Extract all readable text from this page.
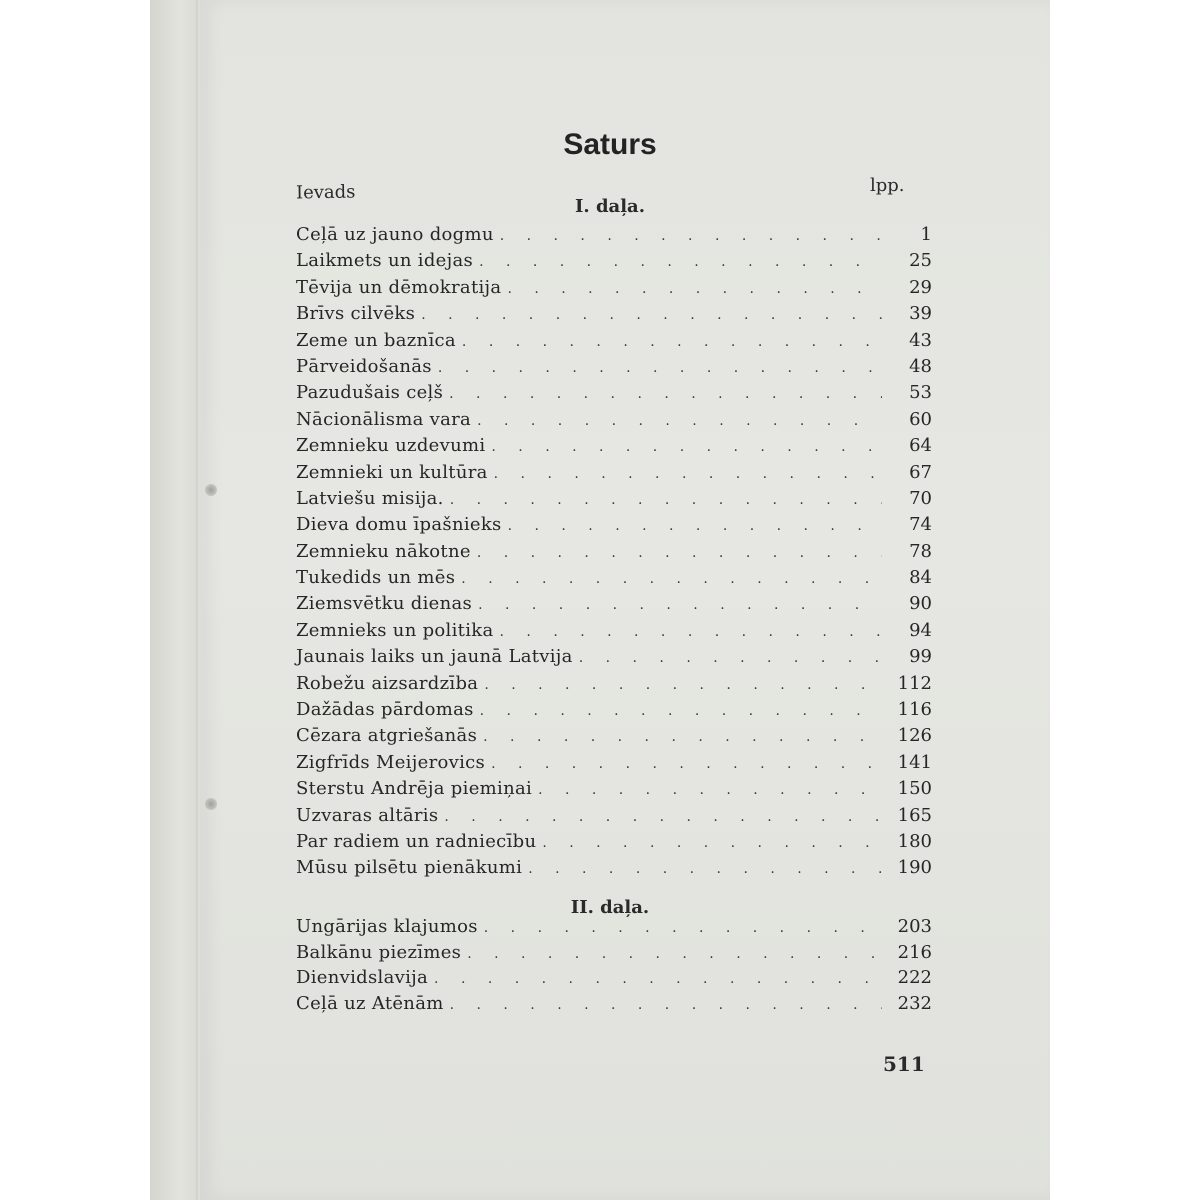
Saturs
Ievads	lpp.
I. daļa.
Ceļā uz jauno dogmu . . .	1
Laikmets un idejas . . .	25
Tēvija un dēmokratija . . .	29
Brīvs cilvēks . . .	39
Zeme un baznīca . . .	43
Pārveidošanās . . .	48
Pazudušais ceļš . . .	53
Nācionālisma vara . . .	60
Zemnieku uzdevumi . . .	64
Zemnieki un kultūra . . .	67
Latviešu misija. . . .	70
Dieva domu īpašnieks . . .	74
Zemnieku nākotne . . .	78
Tukedids un mēs . . .	84
Ziemsvētku dienas . . .	90
Zemnieks un politika . . .	94
Jaunais laiks un jaunā Latvija . . .	99
Robežu aizsardzība . . .	112
Dažādas pārdomas . . .	116
Cēzara atgriešanās . . .	126
Zigfrīds Meijerovics . . .	141
Sterstu Andrēja piemiņai . . .	150
Uzvaras altāris . . .	165
Par radiem un radniecību . . .	180
Mūsu pilsētu pienākumi . . .	190
II. daļa.
Ungārijas klajumos . . .	203
Balkānu piezīmes . . .	216
Dienvidslavija . . .	222
Ceļā uz Atēnām . . .	232
511
